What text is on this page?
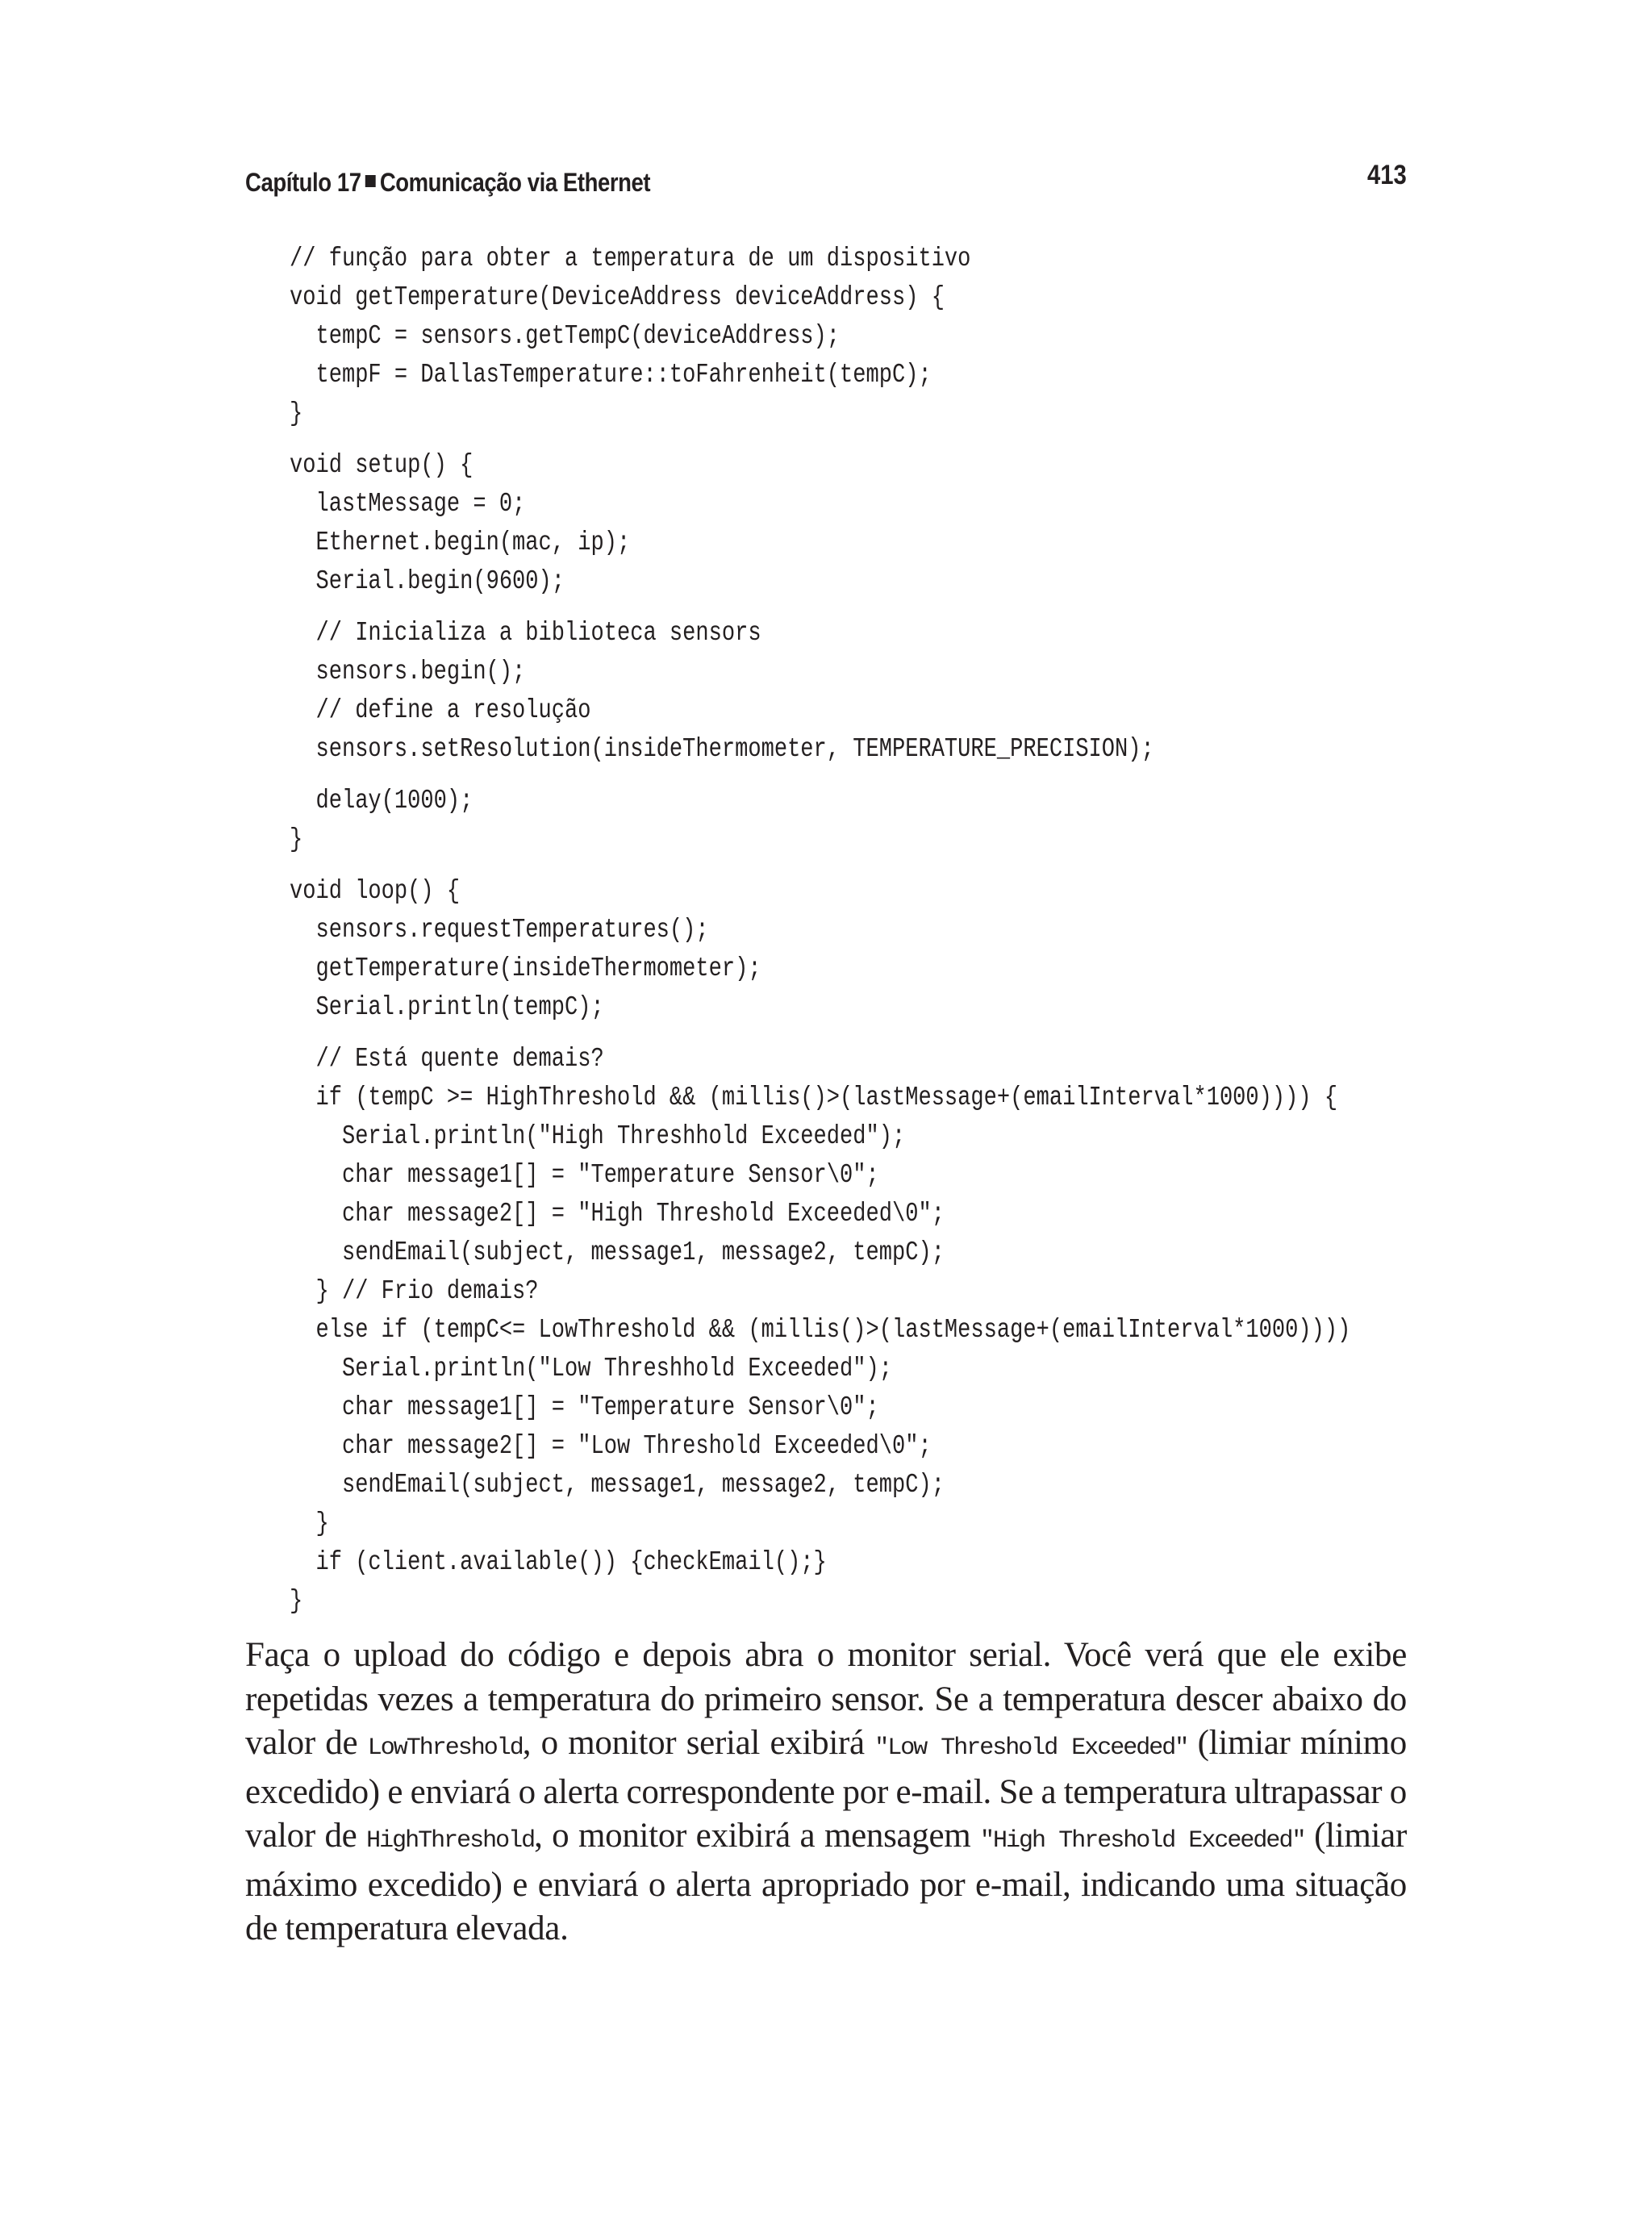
Capítulo 17 Comunicação via Ethernet	413
// função para obter a temperatura de um dispositivo
void getTemperature(DeviceAddress deviceAddress) {
tempC = sensors.getTempC(deviceAddress);
tempF = DallasTemperature::toFahrenheit(tempC);
}
void setup() {
lastMessage = 0;
Ethernet.begin(mac, ip);
Serial.begin(9600);
// Inicializa a biblioteca sensors
sensors.begin();
// define a resolução
sensors.setResolution(insideThermometer, TEMPERATURE_PRECISION);
delay(1000);
}
void loop() {
sensors.requestTemperatures();
getTemperature(insideThermometer);
Serial.println(tempC);
// Está quente demais?
if (tempC >= HighThreshold && (millis()>(lastMessage+(emailInterval*1000)))) {
Serial.println("High Threshhold Exceeded");
char message1[] = "Temperature Sensor\0";
char message2[] = "High Threshold Exceeded\0";
sendEmail(subject, message1, message2, tempC);
} // Frio demais?
else if (tempC<= LowThreshold && (millis()>(lastMessage+(emailInterval*1000))))
Serial.println("Low Threshhold Exceeded");
char message1[] = "Temperature Sensor\0";
char message2[] = "Low Threshold Exceeded\0";
sendEmail(subject, message1, message2, tempC);
}
if (client.available()) {checkEmail();}
}

Faça o upload do código e depois abra o monitor serial. Você verá que ele exibe repetidas vezes a temperatura do primeiro sensor. Se a temperatura descer abaixo do valor de LowThreshold, o monitor serial exibirá "Low Threshold Exceeded" (limiar mínimo excedido) e enviará o alerta correspondente por e-mail. Se a temperatura ultrapassar o valor de HighThreshold, o monitor exibirá a mensagem "High Threshold Exceeded" (limiar máximo excedido) e enviará o alerta apropriado por e-mail, indicando uma situação de temperatura elevada.
